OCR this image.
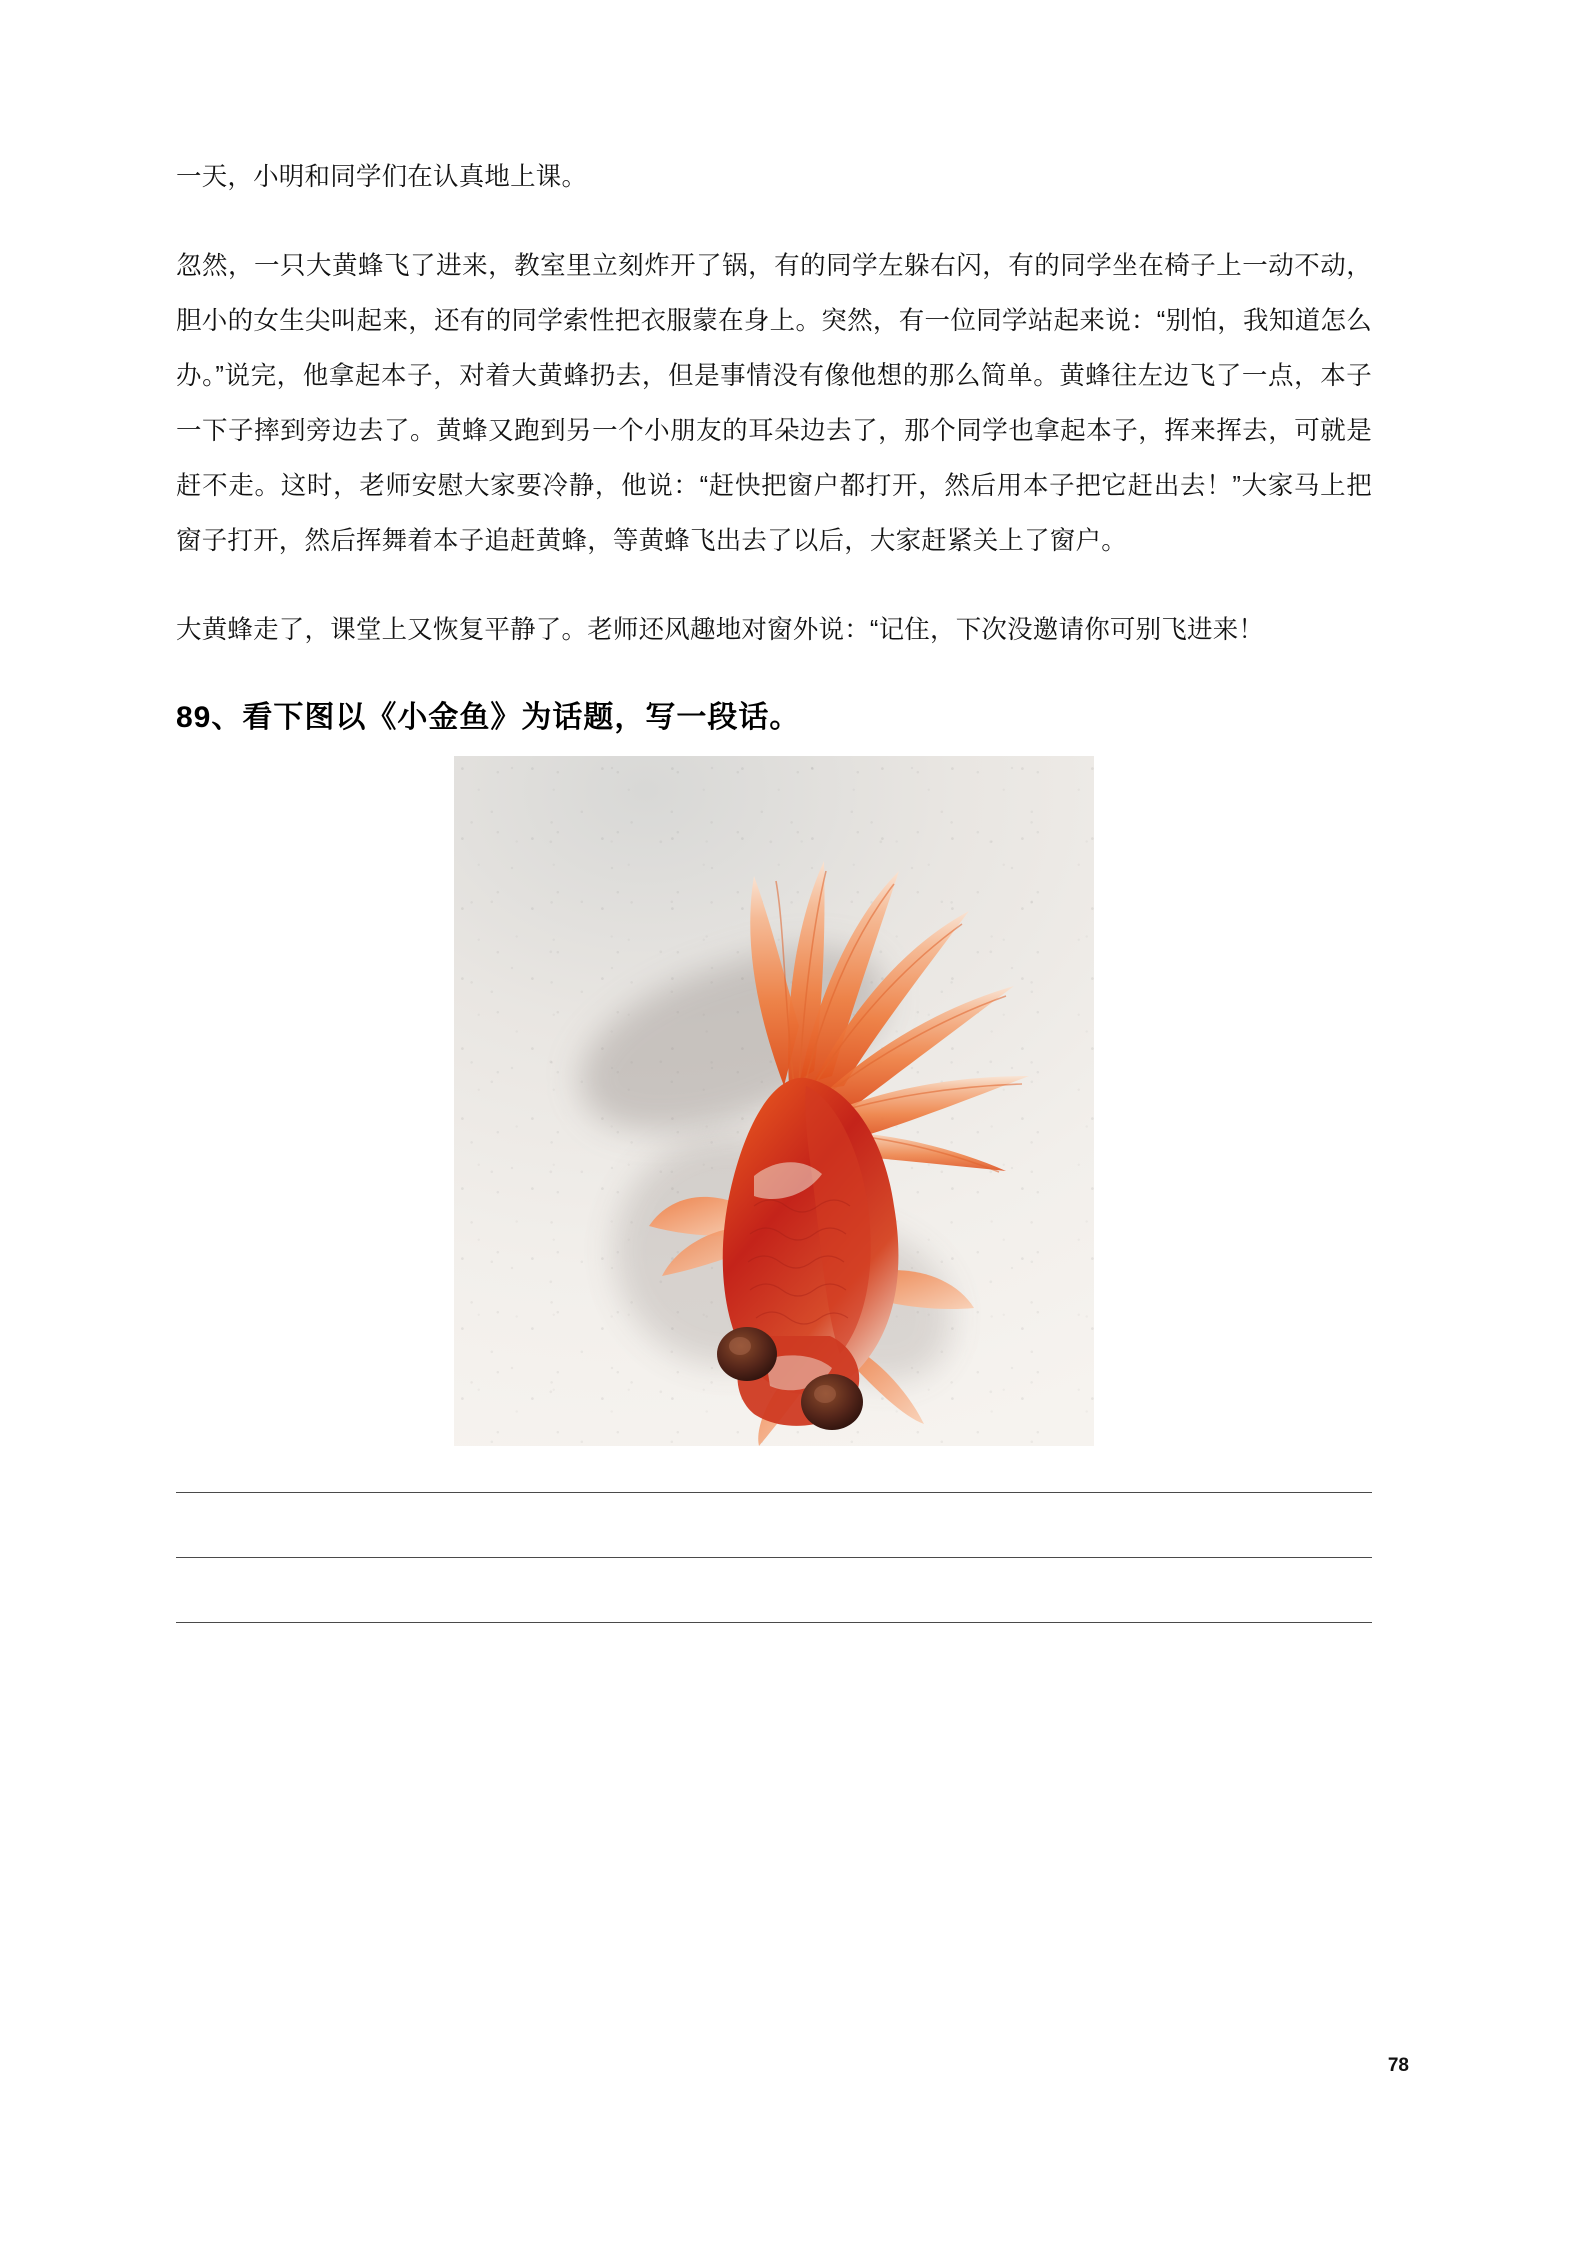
一天，小明和同学们在认真地上课。

忽然，一只大黄蜂飞了进来，教室里立刻炸开了锅，有的同学左躲右闪，有的同学坐在椅子上一动不动，胆小的女生尖叫起来，还有的同学索性把衣服蒙在身上。突然，有一位同学站起来说：“别怕，我知道怎么办。”说完，他拿起本子，对着大黄蜂扔去，但是事情没有像他想的那么简单。黄蜂往左边飞了一点，本子一下子摔到旁边去了。黄蜂又跑到另一个小朋友的耳朵边去了，那个同学也拿起本子，挥来挥去，可就是赶不走。这时，老师安慰大家要冷静，他说：“赶快把窗户都打开，然后用本子把它赶出去！”大家马上把窗子打开，然后挥舞着本子追赶黄蜂，等黄蜂飞出去了以后，大家赶紧关上了窗户。

大黄蜂走了，课堂上又恢复平静了。老师还风趣地对窗外说：“记住，下次没邀请你可别飞进来！

89、看下图以《小金鱼》为话题，写一段话。
78
